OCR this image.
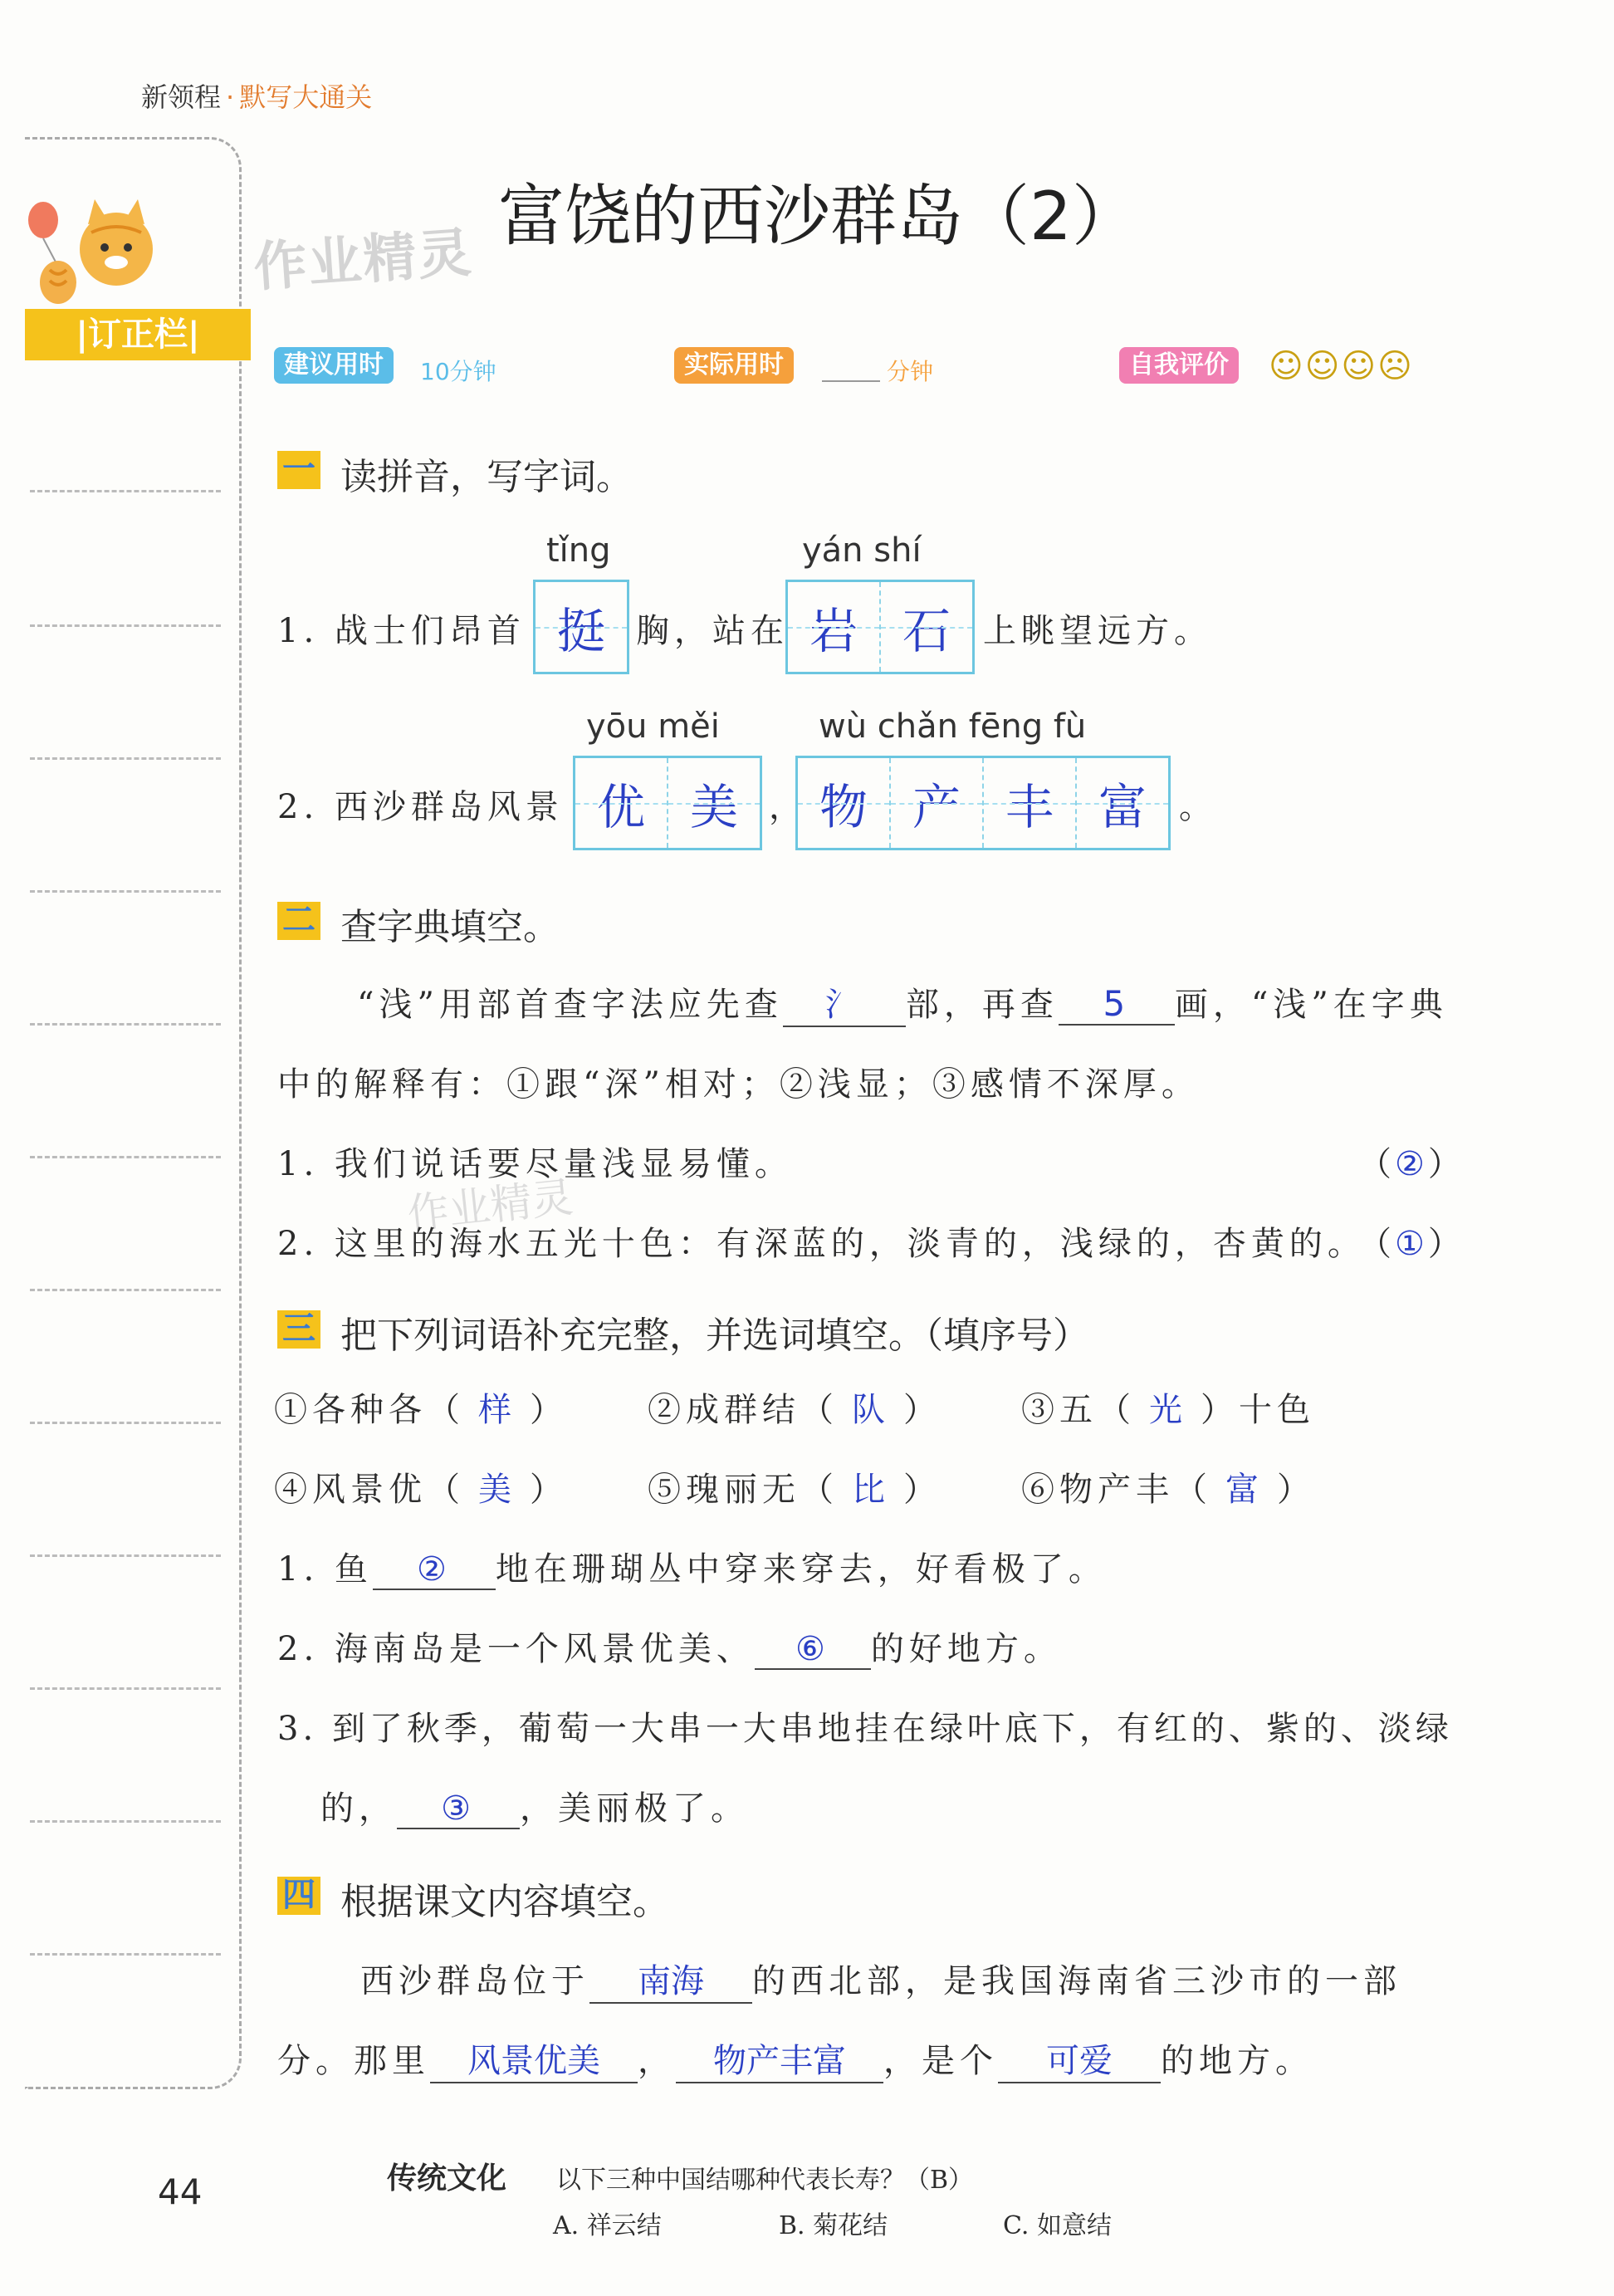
新领程 · 默写大通关
|订正栏|
作业精灵
作业精灵
富饶的西沙群岛（2）
建议用时	10分钟	实际用时	分钟	自我评价	☺☺☺☹
一 读拼音，写字词。
tǐng	yán shí
1. 战士们昂首 挺 胸，站在 岩 石 上眺望远方。
yōu měi	wù chǎn fēng fù
2. 西沙群岛风景 优 美 ， 物 产 丰 富 。
二 查字典填空。
“浅”用部首查字法应先查 氵 部，再查 5 画，“浅”在字典
中的解释有：①跟“深”相对；②浅显；③感情不深厚。
1. 我们说话要尽量浅显易懂。	（ ② ）
2. 这里的海水五光十色：有深蓝的，淡青的，浅绿的，杏黄的。
（ ① ）
三 把下列词语补充完整，并选词填空。（填序号）
①各种各（ 样 ） ②成群结（ 队 ） ③五（ 光 ）十色
④风景优（ 美 ） ⑤瑰丽无（ 比 ） ⑥物产丰（ 富 ）
1. 鱼 ② 地在珊瑚丛中穿来穿去，好看极了。
2. 海南岛是一个风景优美、 ⑥ 的好地方。
3. 到了秋季，葡萄一大串一大串地挂在绿叶底下，有红的、紫的、淡绿
的， ③ ，美丽极了。
四 根据课文内容填空。
西沙群岛位于 南海 的西北部，是我国海南省三沙市的一部
分。那里 风景优美 ， 物产丰富 ，是个 可爱 的地方。
44	传统文化 以下三种中国结哪种代表长寿？（B）
A. 祥云结	B. 菊花结	C. 如意结
